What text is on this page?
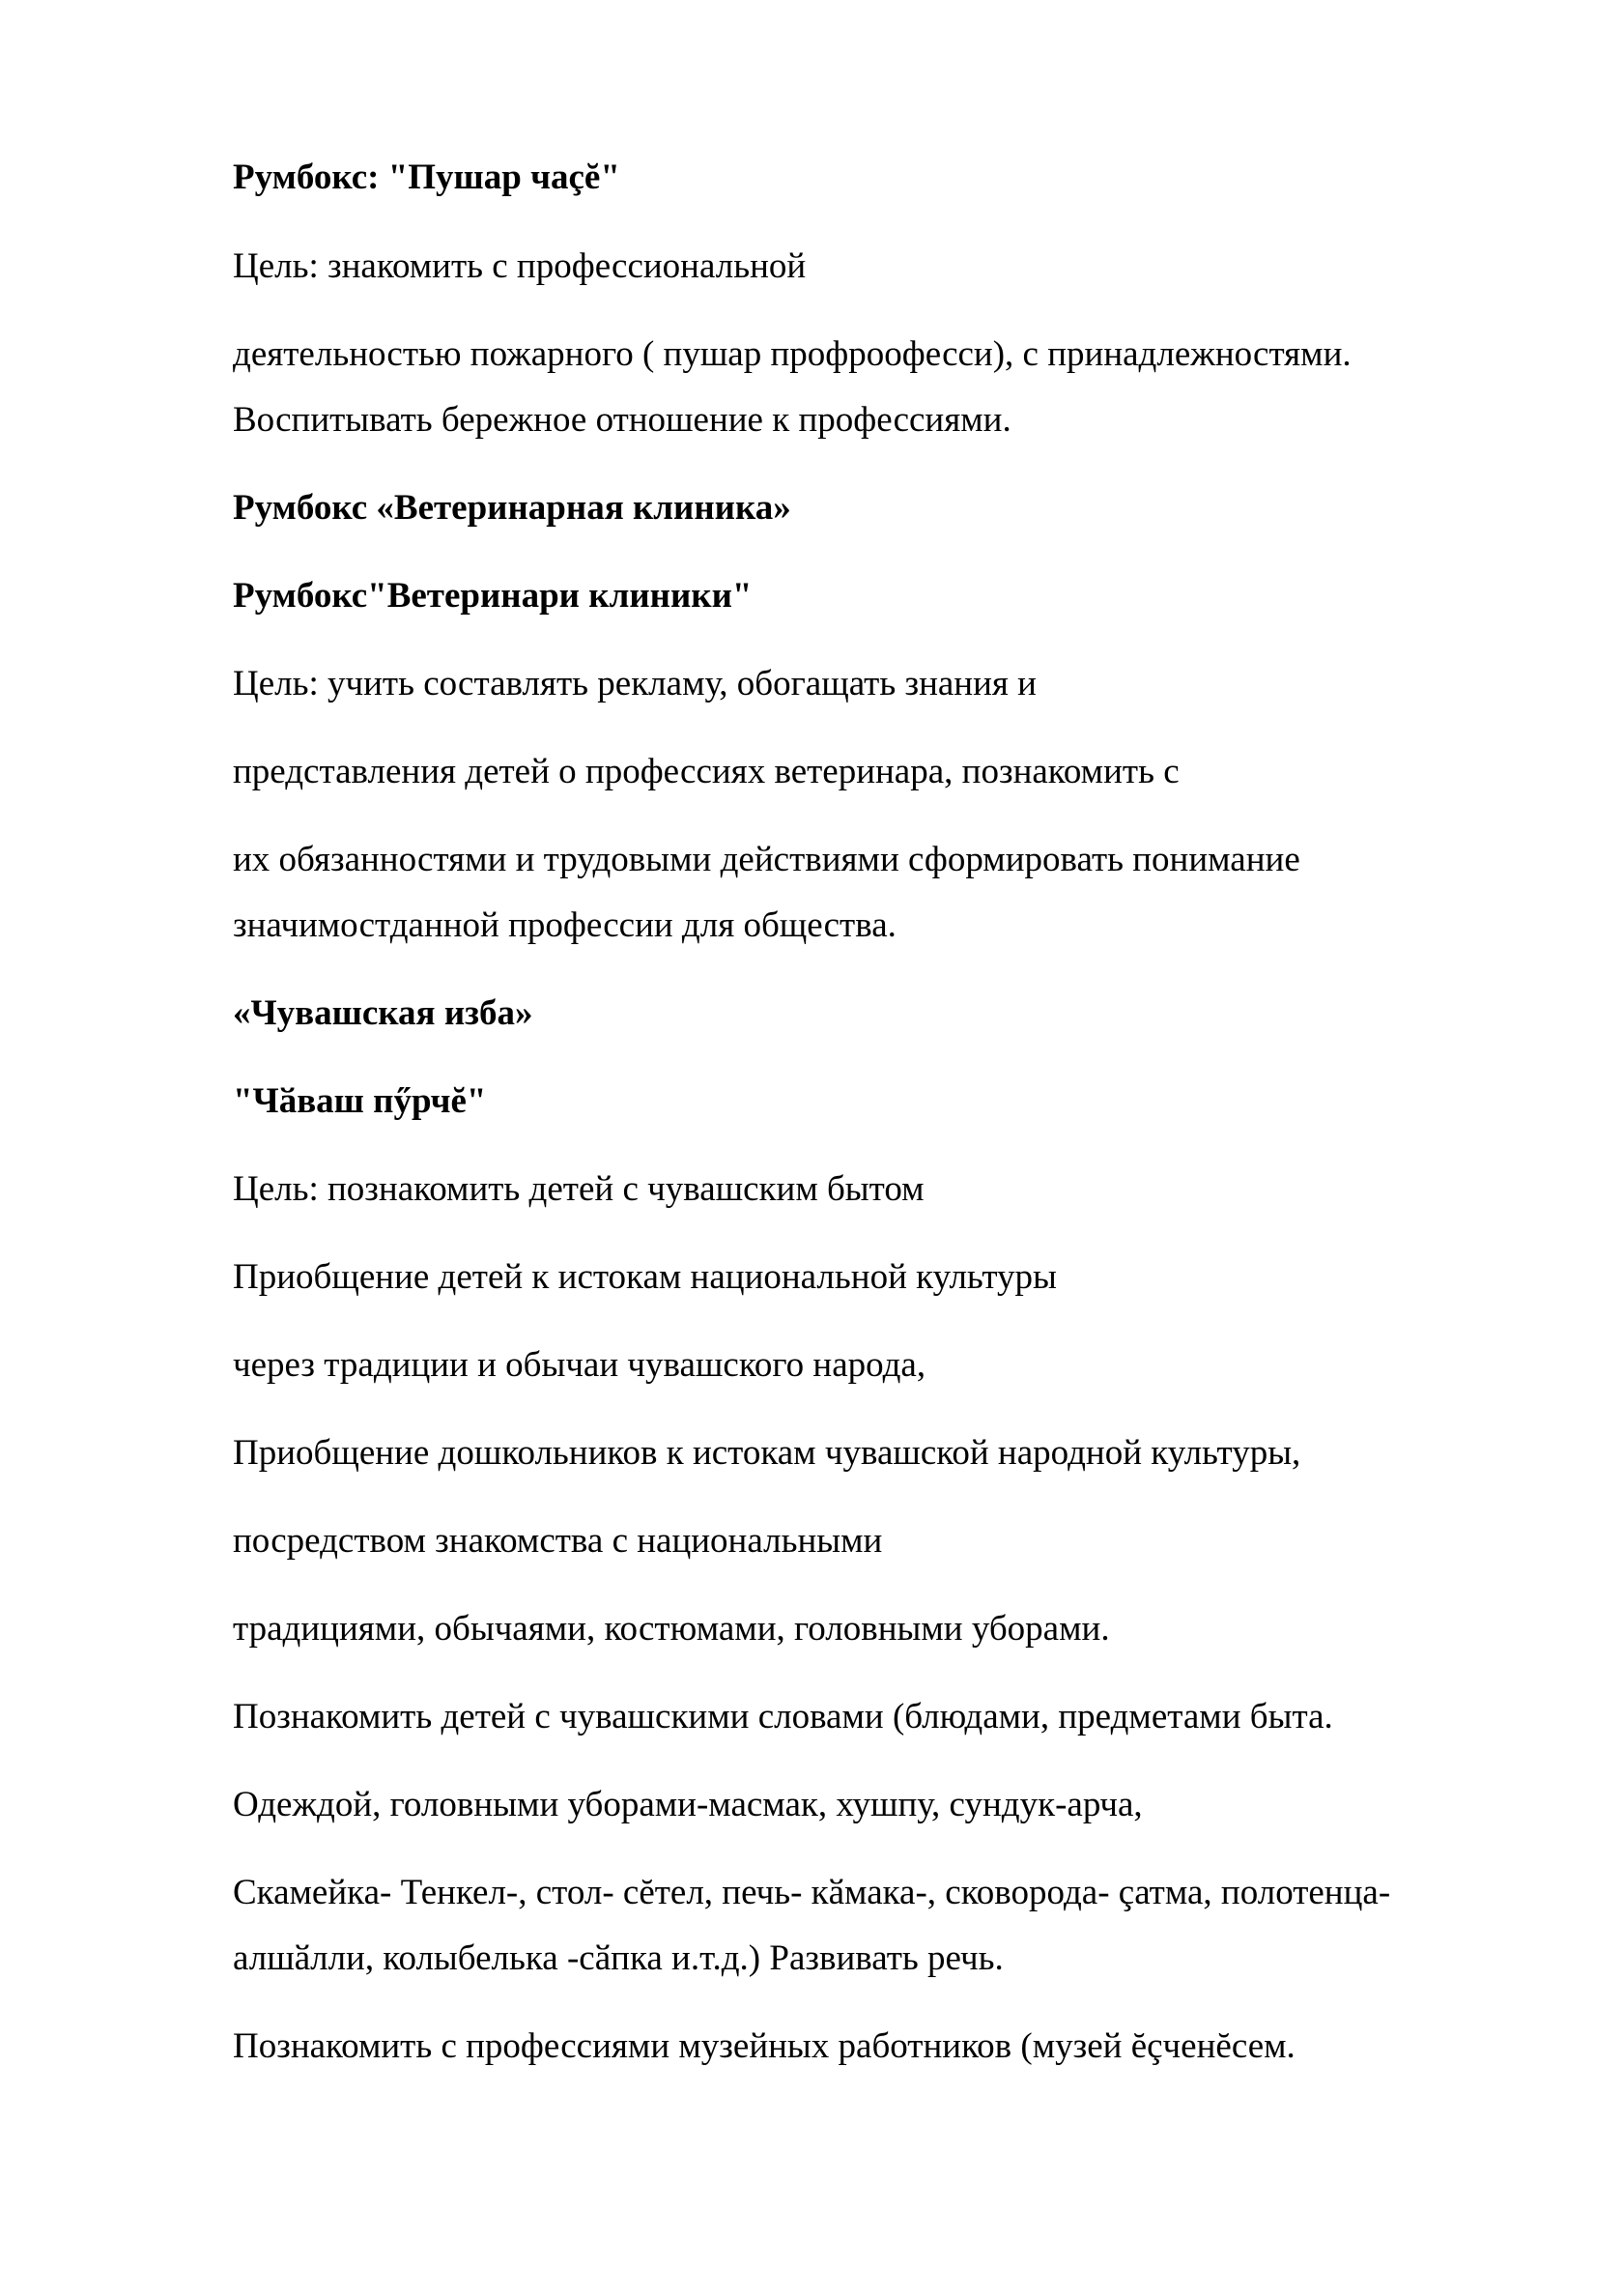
Румбокс: "Пушар чаçĕ"
Цель: знакомить с профессиональной
деятельностью пожарного ( пушар профроофесси), с принадлежностями.
Воспитывать бережное отношение к профессиями.
Румбокс «Ветеринарная клиника»
Румбокс"Ветеринари клиники"
Цель: учить составлять рекламу, обогащать знания и
представления детей о профессиях ветеринара, познакомить с
их обязанностями и трудовыми действиями сформировать понимание
значимостданной профессии для общества.
«Чувашская изба»
"Чӑваш пӳрчĕ"
Цель: познакомить детей с чувашским бытом
Приобщение детей к истокам национальной культуры
через традиции и обычаи чувашского народа,
Приобщение дошкольников к истокам чувашской народной культуры,
посредством знакомства с национальными
традициями, обычаями, костюмами, головными уборами.
Познакомить детей с чувашскими словами (блюдами, предметами быта.
Одеждой, головными уборами-масмак, хушпу, сундук-арча,
Скамейка- Тенкел-, стол- сĕтел, печь- кӑмака-, сковорода- çатма, полотенца-
алшӑлли, колыбелька -сӑпка и.т.д.) Развивать речь.
Познакомить с профессиями музейных работников (музей ĕçченĕсем.
